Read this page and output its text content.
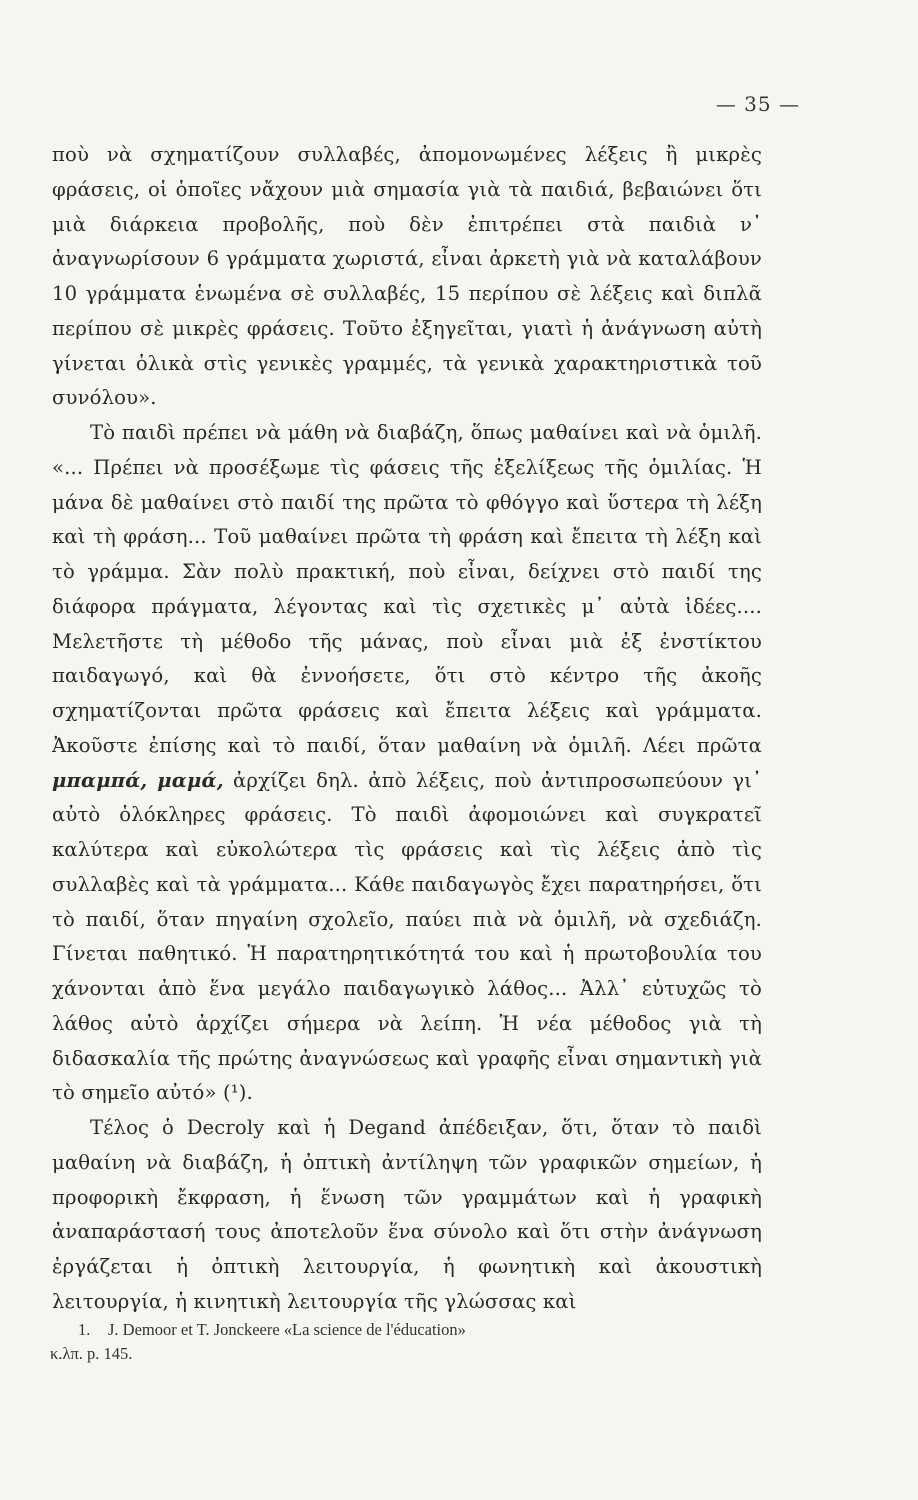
— 35 —

ποὺ νὰ σχηματίζουν συλλαβές, ἀπομονωμένες λέξεις ἢ μικρὲς φράσεις, οἱ ὁποῖες νἄχουν μιὰ σημασία γιὰ τὰ παιδιά, βεβαιώνει ὅτι μιὰ διάρκεια προβολῆς, ποὺ δὲν ἐπιτρέπει στὰ παιδιὰ ν᾿ ἀναγνωρίσουν 6 γράμματα χωριστά, εἶναι ἀρκετὴ γιὰ νὰ καταλάβουν 10 γράμματα ἑνωμένα σὲ συλλαβές, 15 περίπου σὲ λέξεις καὶ διπλᾶ περίπου σὲ μικρὲς φράσεις. Τοῦτο ἐξηγεῖται, γιατὶ ἡ ἀνάγνωση αὐτὴ γίνεται ὁλικὰ στὶς γενικὲς γραμμές, τὰ γενικὰ χαρακτηριστικὰ τοῦ συνόλου».

Τὸ παιδὶ πρέπει νὰ μάθη νὰ διαβάζη, ὅπως μαθαίνει καὶ νὰ ὁμιλῆ. «... Πρέπει νὰ προσέξωμε τὶς φάσεις τῆς ἐξελίξεως τῆς ὁμιλίας. Ἡ μάνα δὲ μαθαίνει στὸ παιδί της πρῶτα τὸ φθόγγο καὶ ὕστερα τὴ λέξη καὶ τὴ φράση... Τοῦ μαθαίνει πρῶτα τὴ φράση καὶ ἔπειτα τὴ λέξη καὶ τὸ γράμμα. Σὰν πολὺ πρακτική, ποὺ εἶναι, δείχνει στὸ παιδί της διάφορα πράγματα, λέγοντας καὶ τὶς σχετικὲς μ᾿ αὐτὰ ἰδέες.... Μελετῆστε τὴ μέθοδο τῆς μάνας, ποὺ εἶναι μιὰ ἐξ ἐνστίκτου παιδαγωγό, καὶ θὰ ἐννοήσετε, ὅτι στὸ κέντρο τῆς ἀκοῆς σχηματίζονται πρῶτα φράσεις καὶ ἔπειτα λέξεις καὶ γράμματα. Ἀκοῦστε ἐπίσης καὶ τὸ παιδί, ὅταν μαθαίνη νὰ ὁμιλῆ. Λέει πρῶτα μπαμπά, μαμά, ἀρχίζει δηλ. ἀπὸ λέξεις, ποὺ ἀντιπροσωπεύουν γι᾿ αὐτὸ ὁλόκληρες φράσεις. Τὸ παιδὶ ἀφομοιώνει καὶ συγκρατεῖ καλύτερα καὶ εὐκολώτερα τὶς φράσεις καὶ τὶς λέξεις ἀπὸ τὶς συλλαβὲς καὶ τὰ γράμματα... Κάθε παιδαγωγὸς ἔχει παρατηρήσει, ὅτι τὸ παιδί, ὅταν πηγαίνη σχολεῖο, παύει πιὰ νὰ ὁμιλῆ, νὰ σχεδιάζη. Γίνεται παθητικό. Ἡ παρατηρητικότητά του καὶ ἡ πρωτοβουλία του χάνονται ἀπὸ ἕνα μεγάλο παιδαγωγικὸ λάθος... Ἀλλ᾿ εὐτυχῶς τὸ λάθος αὐτὸ ἀρχίζει σήμερα νὰ λείπη. Ἡ νέα μέθοδος γιὰ τὴ διδασκαλία τῆς πρώτης ἀναγνώσεως καὶ γραφῆς εἶναι σημαντικὴ γιὰ τὸ σημεῖο αὐτό» (¹).

Τέλος ὁ Decroly καὶ ἡ Degand ἀπέδειξαν, ὅτι, ὅταν τὸ παιδὶ μαθαίνη νὰ διαβάζη, ἡ ὀπτικὴ ἀντίληψη τῶν γραφικῶν σημείων, ἡ προφορικὴ ἔκφραση, ἡ ἕνωση τῶν γραμμάτων καὶ ἡ γραφικὴ ἀναπαράστασή τους ἀποτελοῦν ἕνα σύνολο καὶ ὅτι στὴν ἀνάγνωση ἐργάζεται ἡ ὀπτικὴ λειτουργία, ἡ φωνητικὴ καὶ ἀκουστικὴ λειτουργία, ἡ κινητικὴ λειτουργία τῆς γλώσσας καὶ

1. J. Demoor et T. Jonckeere «La science de l'éducation»
κ.λπ. p. 145.
